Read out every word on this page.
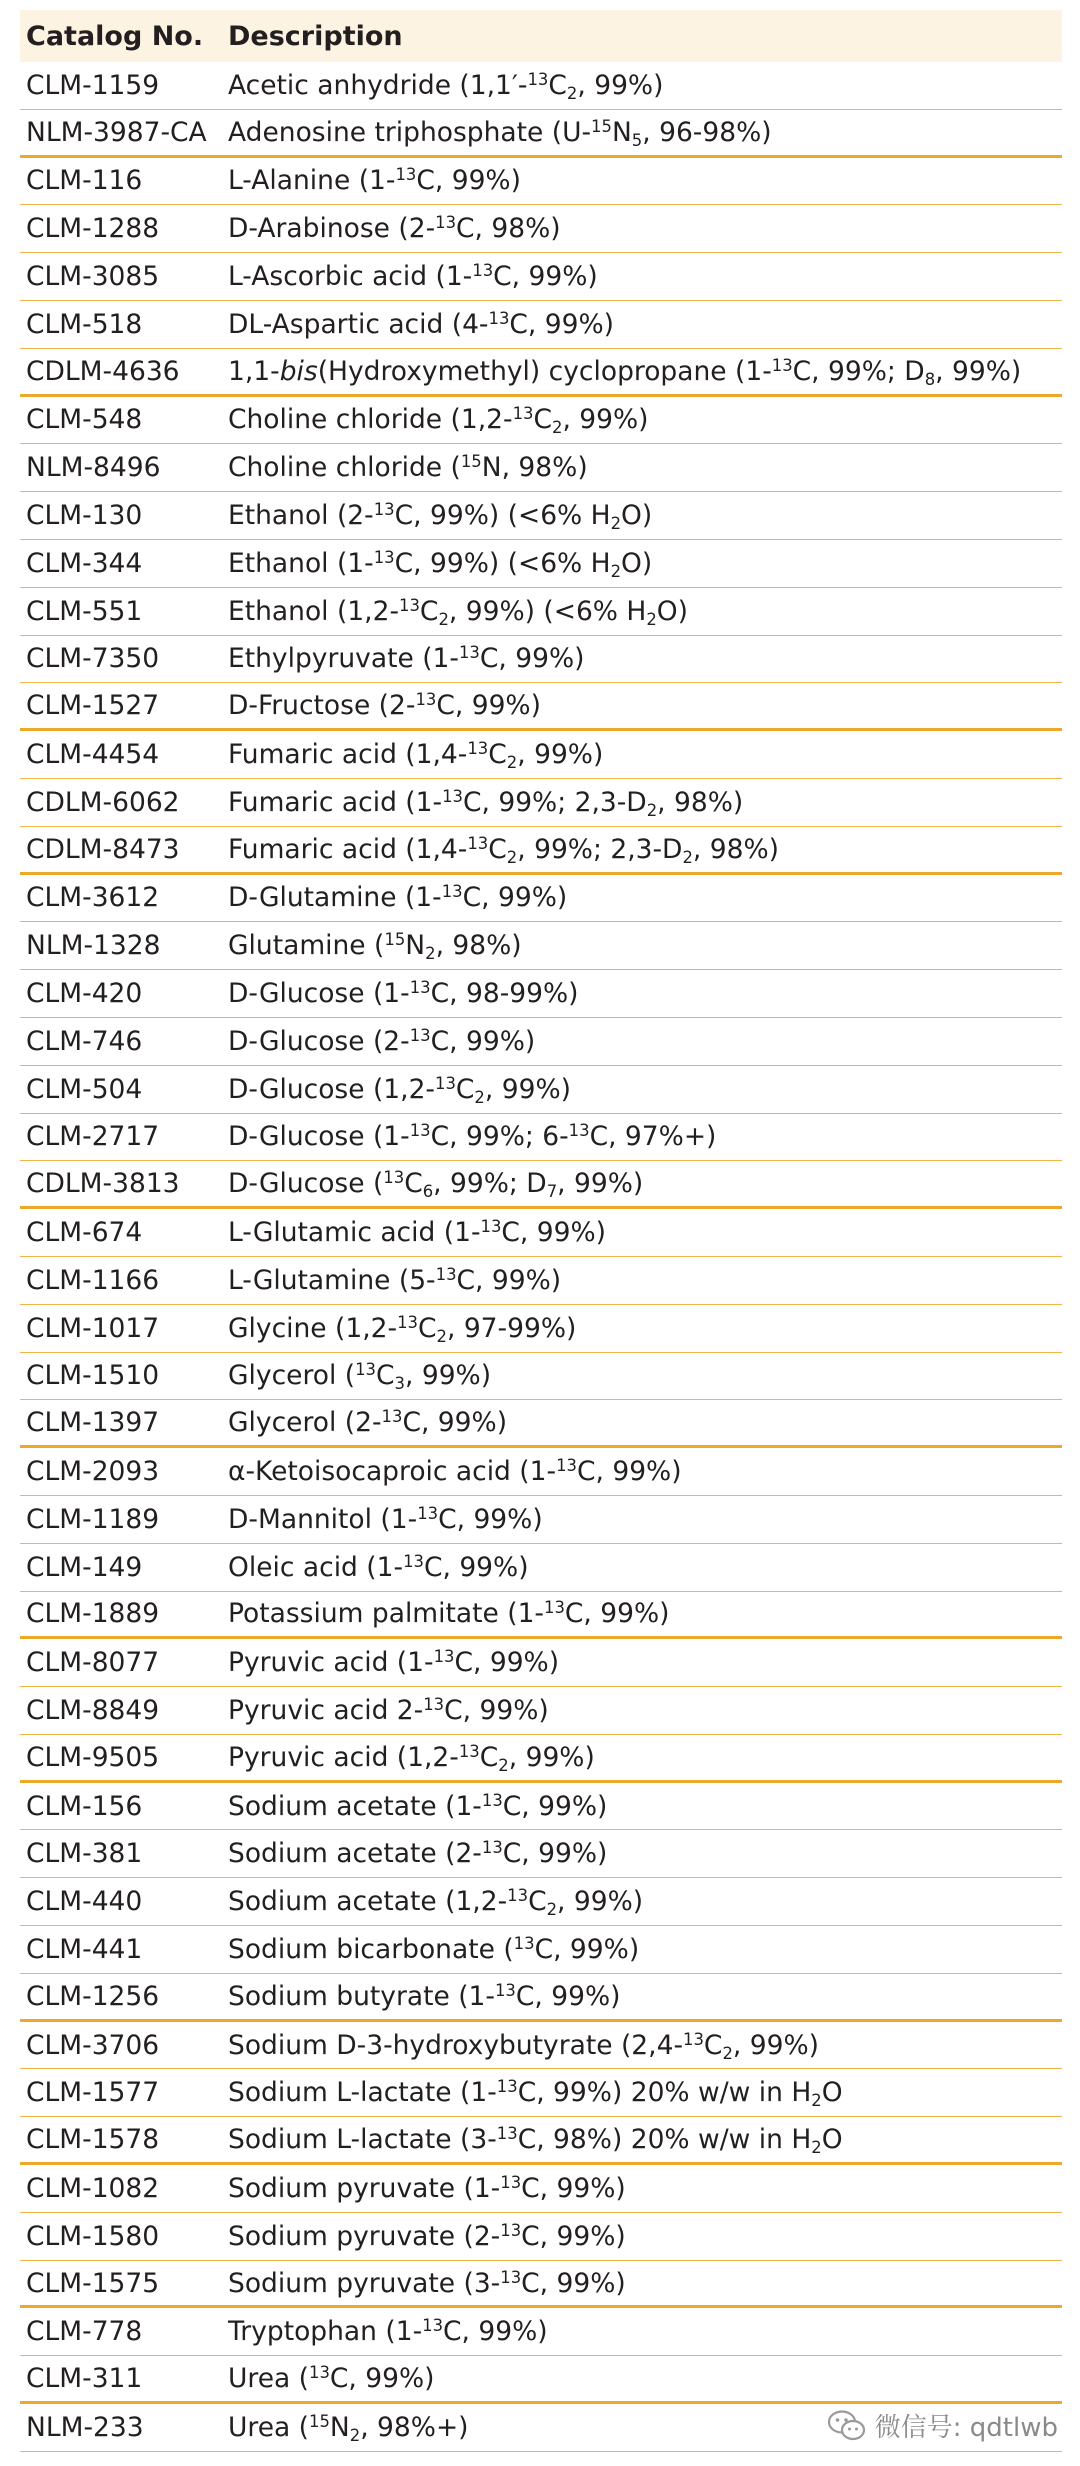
Catalog No. Description
CLM-1159	Acetic anhydride ($1,1'-^{13}C_2$, 99%)
NLM-3987-CA Adenosine triphosphate ($U-^{15}N_5$, 96-98%)
CLM-116	L-Alanine (1-$^{13}$C, 99%)
CLM-1288	D-Arabinose (2-$^{13}$C, 98%)
CLM-3085	L-Ascorbic acid (1-$^{13}$C, 99%)
CLM-518	DL-Aspartic acid (4-$^{13}$C, 99%)
CDLM-4636	1,1-bis(Hydroxymethyl) cyclopropane (1-$^{13}$C, 99%; $D_8$, 99%)
CLM-548	Choline chloride ($1,2-^{13}C_2$, 99%)
NLM-8496	Choline chloride ($^{15}$N, 98%)
CLM-130	Ethanol (2-$^{13}$C, 99%) (<6% $H_2O$)
CLM-344	Ethanol (1-$^{13}$C, 99%) (<6% $H_2O$)
CLM-551	Ethanol ($1,2-^{13}C_2$, 99%) (<6% $H_2O$)
CLM-7350	Ethylpyruvate (1-$^{13}$C, 99%)
CLM-1527	D-Fructose (2-$^{13}$C, 99%)
CLM-4454	Fumaric acid ($1,4-^{13}C_2$, 99%)
CDLM-6062	Fumaric acid (1-$^{13}$C, 99%; $2,3-D_2$, 98%)
CDLM-8473	Fumaric acid ($1,4-^{13}C_2$, 99%; $2,3-D_2$, 98%)
CLM-3612	D-Glutamine (1-$^{13}$C, 99%)
NLM-1328	Glutamine ($^{15}N_2$, 98%)
CLM-420	D-Glucose (1-$^{13}$C, 98-99%)
CLM-746	D-Glucose (2-$^{13}$C, 99%)
CLM-504	D-Glucose ($1,2-^{13}C_2$, 99%)
CLM-2717	D-Glucose (1-$^{13}$C, 99%; 6-$^{13}$C, 97%+)
CDLM-3813	D-Glucose ($^{13}C_6$, 99%; $D_7$, 99%)
CLM-674	L-Glutamic acid (1-$^{13}$C, 99%)
CLM-1166	L-Glutamine (5-$^{13}$C, 99%)
CLM-1017	Glycine ($1,2-^{13}C_2$, 97-99%)
CLM-1510	Glycerol ($^{13}C_3$, 99%)
CLM-1397	Glycerol (2-$^{13}$C, 99%)
CLM-2093	α-Ketoisocaproic acid (1-$^{13}$C, 99%)
CLM-1189	D-Mannitol (1-$^{13}$C, 99%)
CLM-149	Oleic acid (1-$^{13}$C, 99%)
CLM-1889	Potassium palmitate (1-$^{13}$C, 99%)
CLM-8077	Pyruvic acid (1-$^{13}$C, 99%)
CLM-8849	Pyruvic acid 2-$^{13}$C, 99%)
CLM-9505	Pyruvic acid ($1,2-^{13}C_2$, 99%)
CLM-156	Sodium acetate (1-$^{13}$C, 99%)
CLM-381	Sodium acetate (2-$^{13}$C, 99%)
CLM-440	Sodium acetate ($1,2-^{13}C_2$, 99%)
CLM-441	Sodium bicarbonate ($^{13}$C, 99%)
CLM-1256	Sodium butyrate (1-$^{13}$C, 99%)
CLM-3706	Sodium D-3-hydroxybutyrate ($2,4-^{13}C_2$, 99%)
CLM-1577	Sodium L-lactate (1-$^{13}$C, 99%) 20% w/w in $H_2O$
CLM-1578	Sodium L-lactate (3-$^{13}$C, 98%) 20% w/w in $H_2O$
CLM-1082	Sodium pyruvate (1-$^{13}$C, 99%)
CLM-1580	Sodium pyruvate (2-$^{13}$C, 99%)
CLM-1575	Sodium pyruvate (3-$^{13}$C, 99%)
CLM-778	Tryptophan (1-$^{13}$C, 99%)
CLM-311	Urea ($^{13}$C, 99%)
NLM-233	Urea ($^{15}N_2$, 98%+)	微信号: qdtlwb
